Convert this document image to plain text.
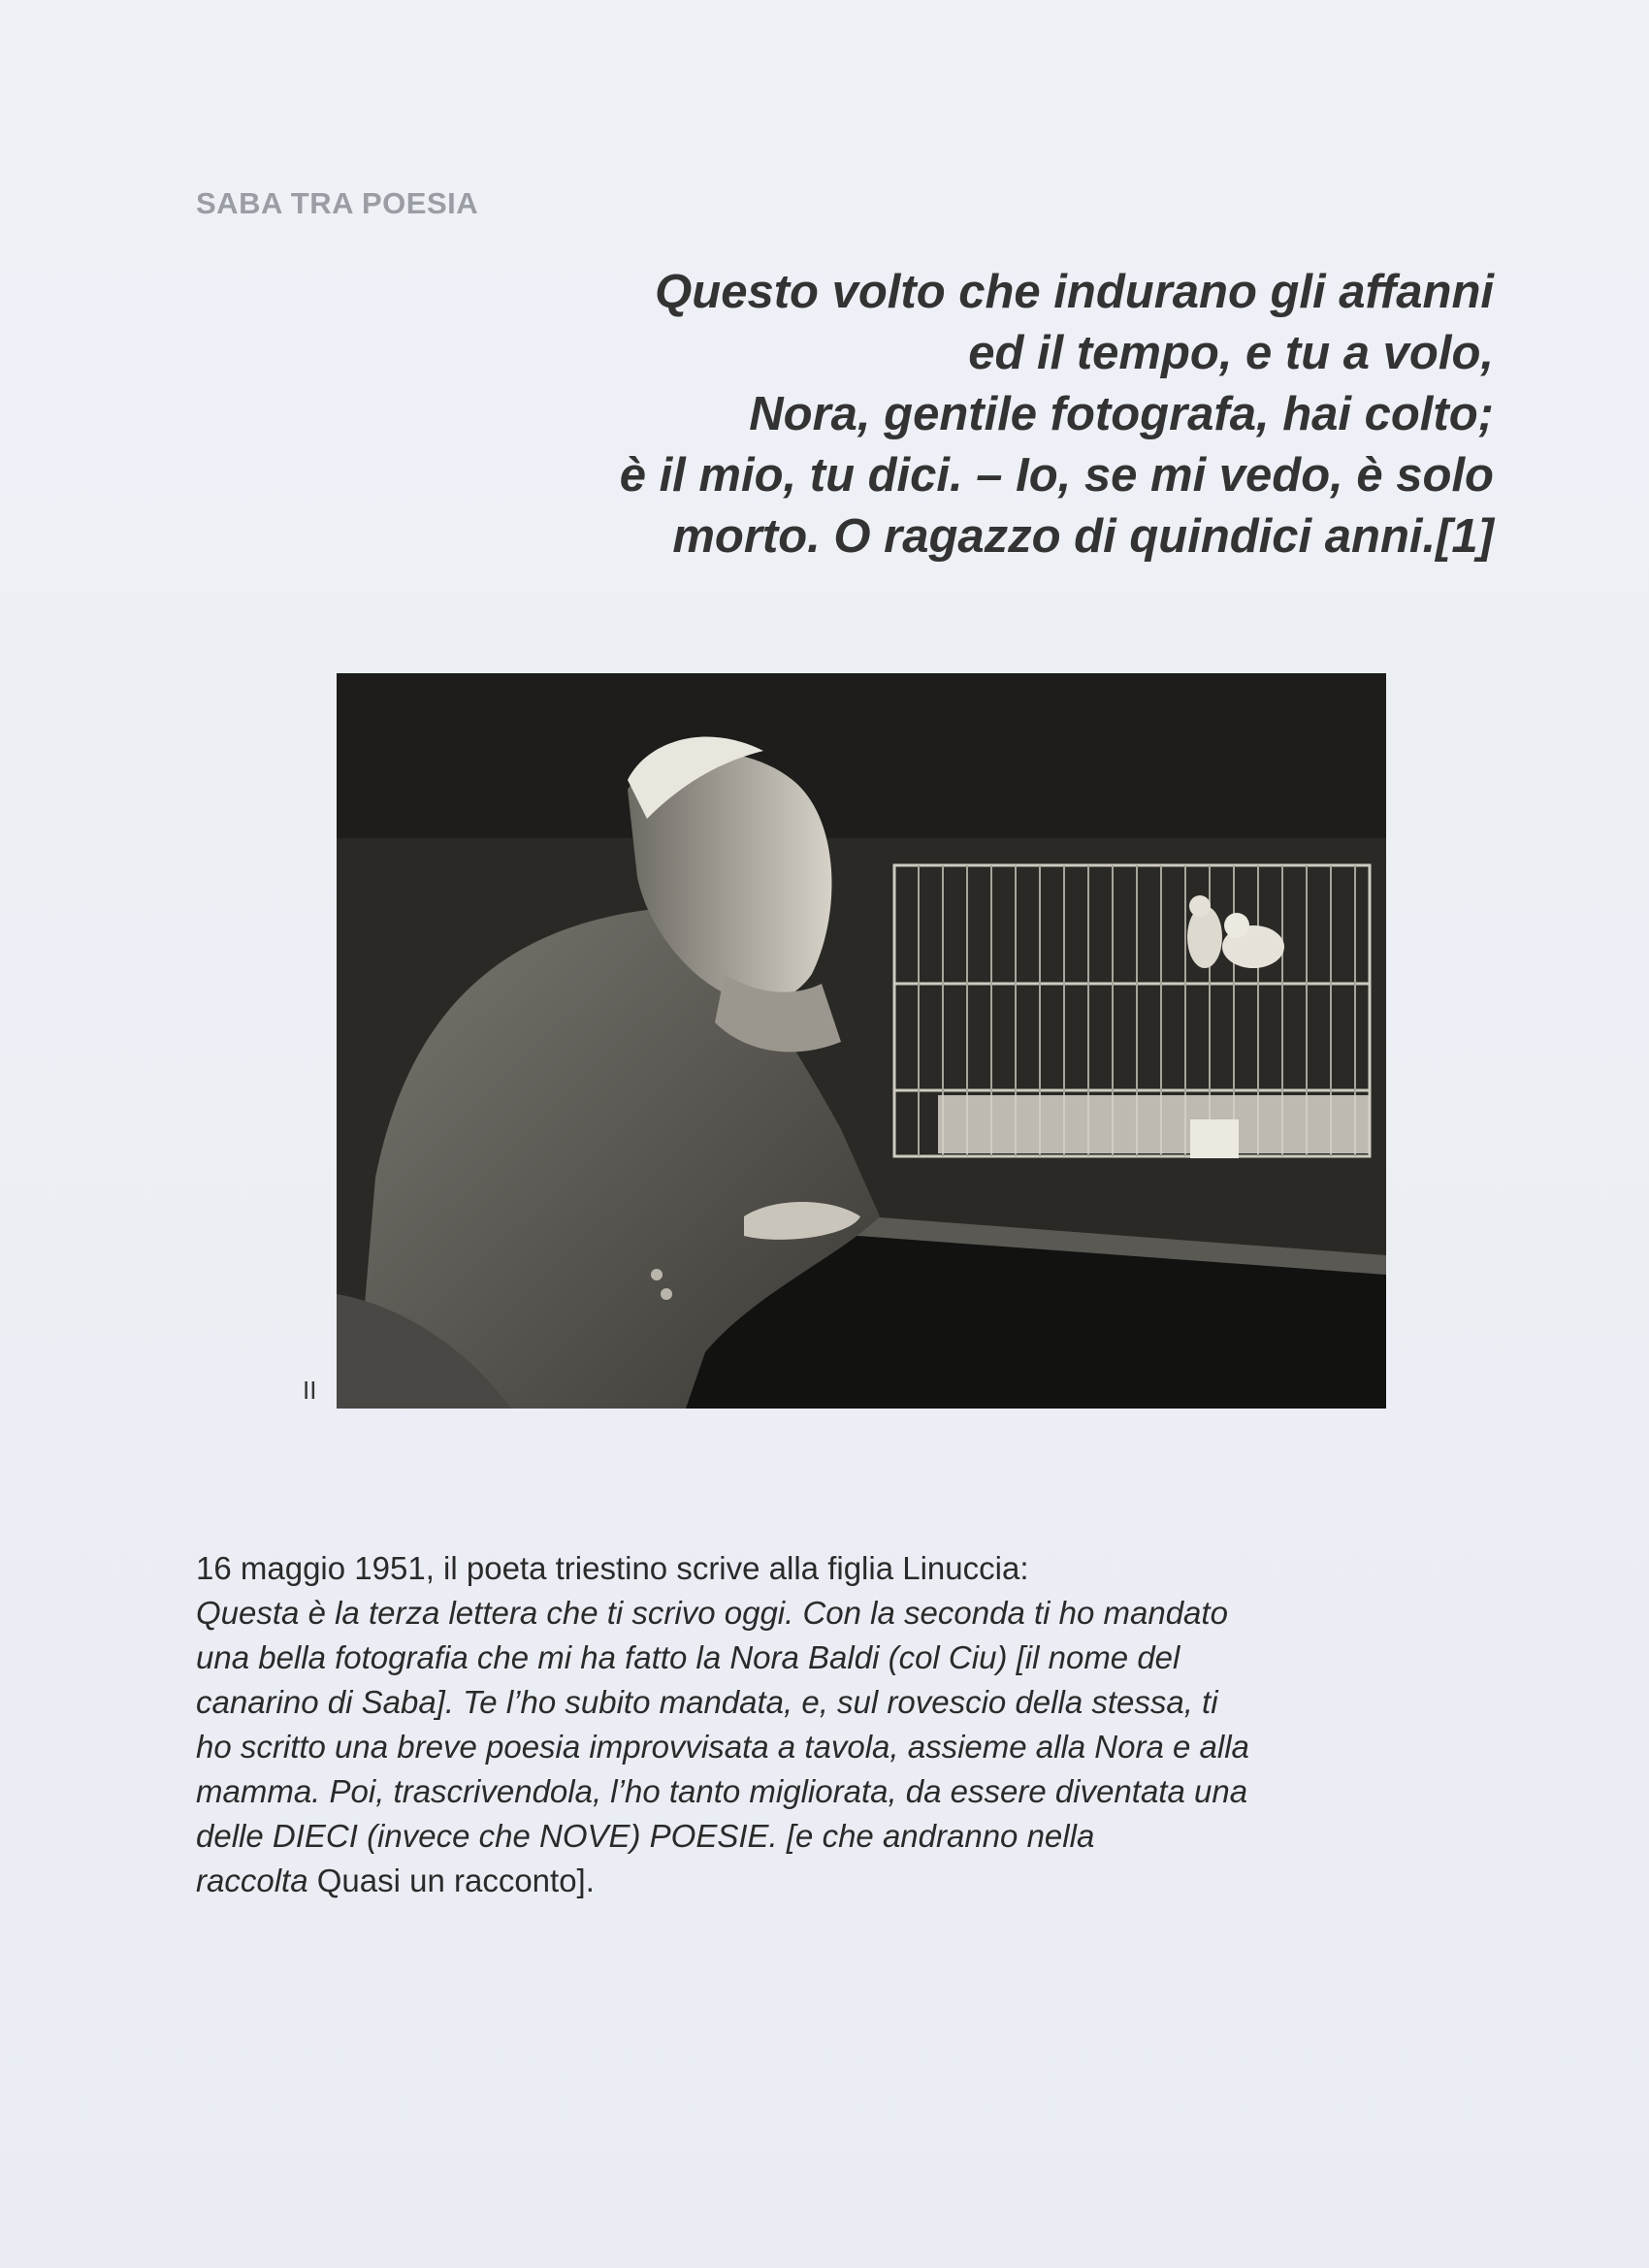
SABA TRA POESIA
Questo volto che indurano gli affanni
ed il tempo, e tu a volo,
Nora, gentile fotografa, hai colto;
è il mio, tu dici. – Io, se mi vedo, è solo
morto. O ragazzo di quindici anni.[1]
II
16 maggio 1951, il poeta triestino scrive alla figlia Linuccia:
Questa è la terza lettera che ti scrivo oggi. Con la seconda ti ho mandato
una bella fotografia che mi ha fatto la Nora Baldi (col Ciu) [il nome del
canarino di Saba]. Te l’ho subito mandata, e, sul rovescio della stessa, ti
ho scritto una breve poesia improvvisata a tavola, assieme alla Nora e alla
mamma. Poi, trascrivendola, l’ho tanto migliorata, da essere diventata una
delle DIECI (invece che NOVE) POESIE. [e che andranno nella
raccolta Quasi un racconto].
